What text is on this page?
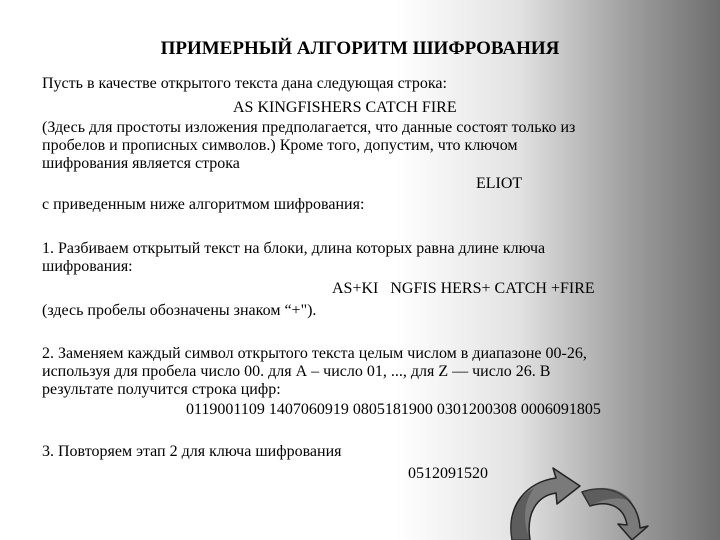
ПРИМЕРНЫЙ АЛГОРИТМ ШИФРОВАНИЯ
Пусть в качестве открытого текста дана следующая строка:
AS KINGFISHERS CATCH FIRE
(Здесь для простоты изложения предполагается, что данные состоят только из
пробелов и прописных символов.) Кроме того, допустим, что ключом
шифрования является строка
ELIOT
с приведенным ниже алгоритмом шифрования:
1. Разбиваем открытый текст на блоки, длина которых равна длине ключа
шифрования:
AS+KI   NGFIS HERS+ CATCH +FIRE
(здесь пробелы обозначены знаком “+").
2. Заменяем каждый символ открытого текста целым числом в диапазоне 00-26,
используя для пробела число 00. для А – число 01, ..., для Z — число 26. В
результате получится строка цифр:
0119001109 1407060919 0805181900 0301200308 0006091805
3. Повторяем этап 2 для ключа шифрования
0512091520
